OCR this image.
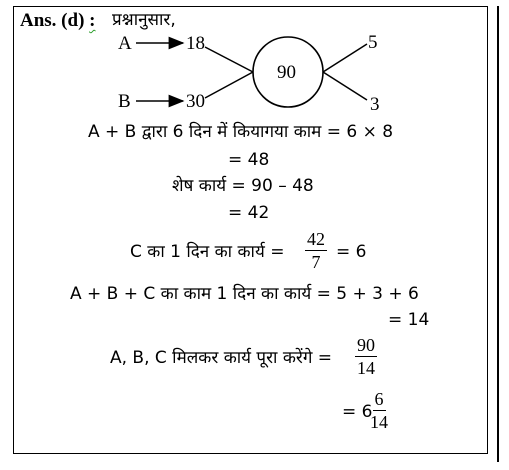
Ans. (d) : प्रश्नानुसार,
A	18
B	30
90
5
3
A + B द्वारा 6 दिन में कियागया काम = 6 × 8
= 48
शेष कार्य = 90 – 48
= 42
C का 1 दिन का कार्य = $\frac{42}{7} = 6$
A + B + C का काम 1 दिन का कार्य = 5 + 3 + 6
= 14
A, B, C मिलकर कार्य पूरा करेंगे = $\frac{90}{14}$
= 6
$\frac{6}{14}$
